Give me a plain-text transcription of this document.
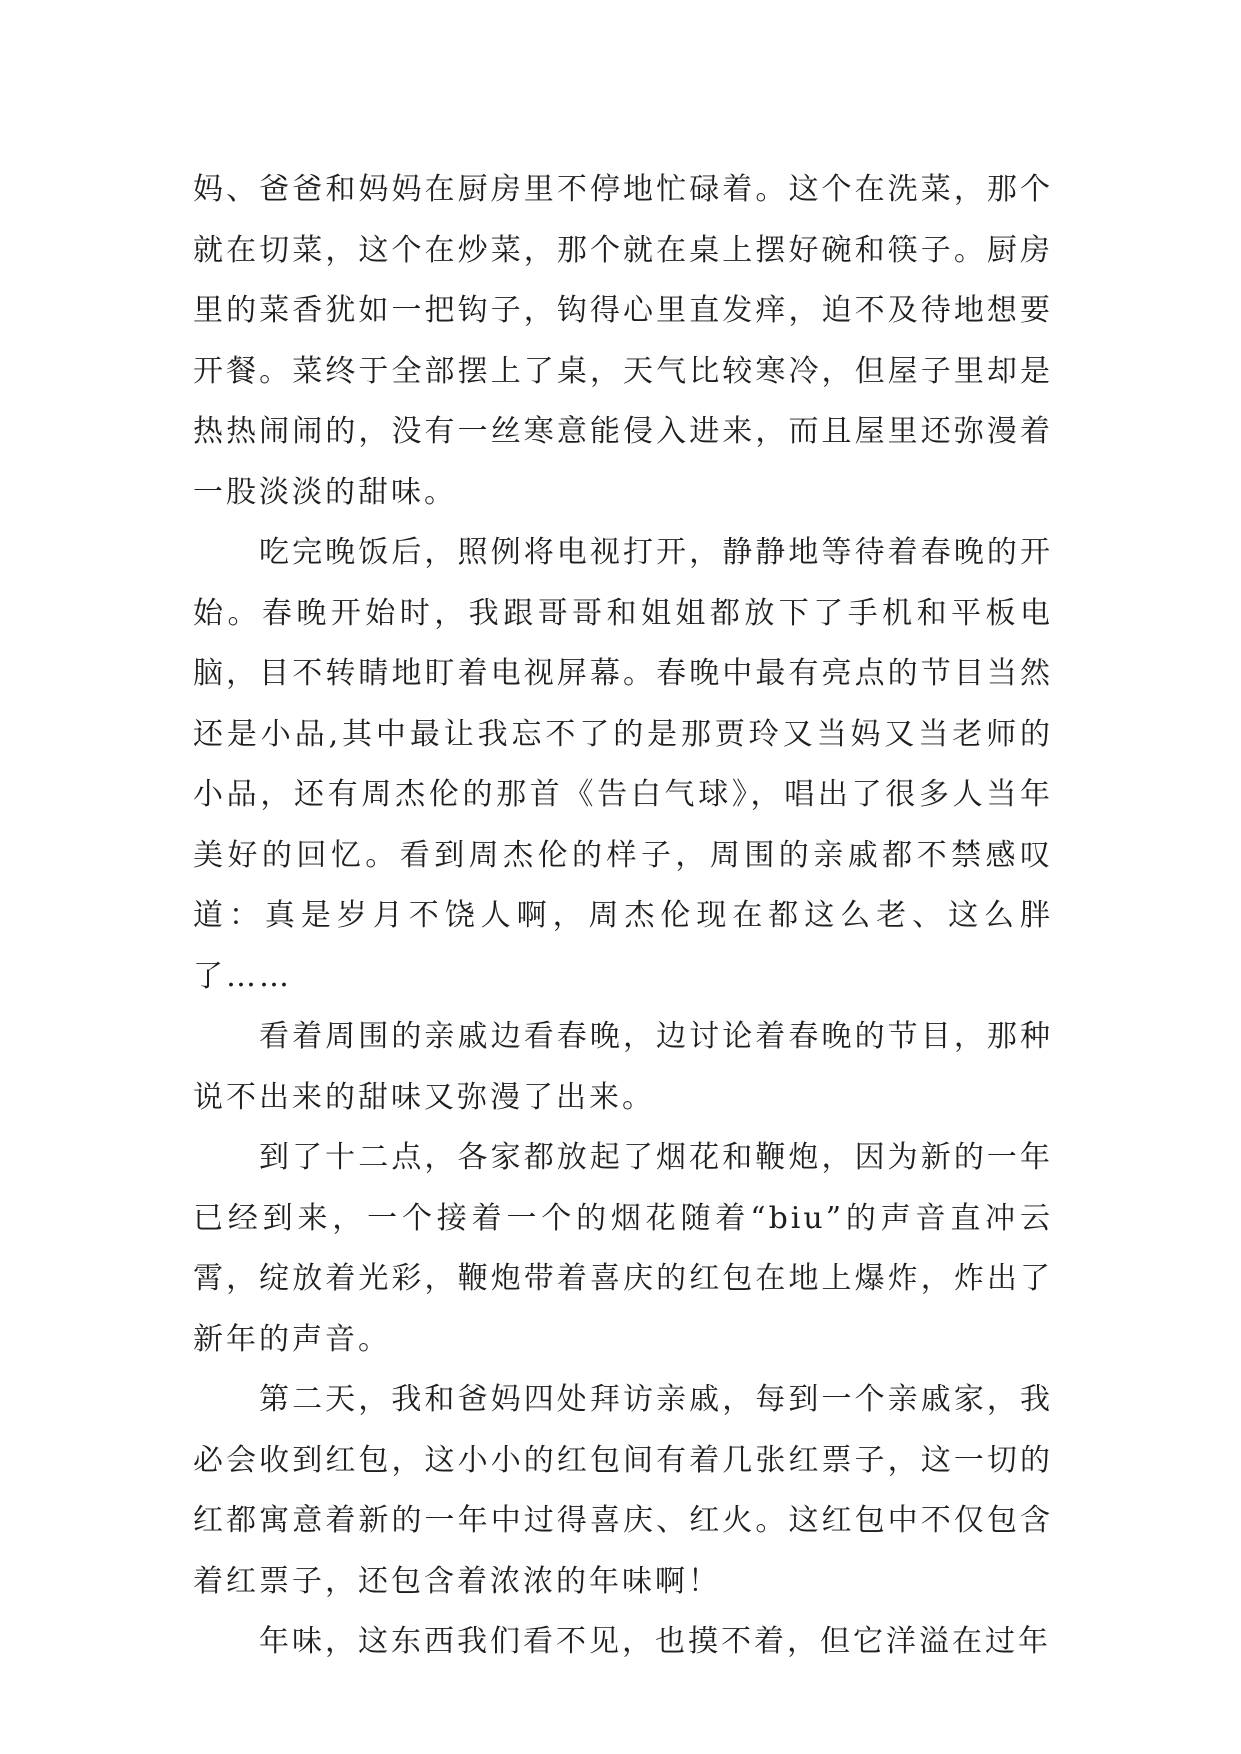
妈、爸爸和妈妈在厨房里不停地忙碌着。这个在洗菜，那个就在切菜，这个在炒菜，那个就在桌上摆好碗和筷子。厨房里的菜香犹如一把钩子，钩得心里直发痒，迫不及待地想要开餐。菜终于全部摆上了桌，天气比较寒冷，但屋子里却是热热闹闹的，没有一丝寒意能侵入进来，而且屋里还弥漫着一股淡淡的甜味。

吃完晚饭后，照例将电视打开，静静地等待着春晚的开始。春晚开始时，我跟哥哥和姐姐都放下了手机和平板电脑，目不转睛地盯着电视屏幕。春晚中最有亮点的节目当然还是小品,其中最让我忘不了的是那贾玲又当妈又当老师的小品，还有周杰伦的那首《告白气球》，唱出了很多人当年美好的回忆。看到周杰伦的样子，周围的亲戚都不禁感叹道：真是岁月不饶人啊，周杰伦现在都这么老、这么胖了……

看着周围的亲戚边看春晚，边讨论着春晚的节目，那种说不出来的甜味又弥漫了出来。

到了十二点，各家都放起了烟花和鞭炮，因为新的一年已经到来，一个接着一个的烟花随着“biu”的声音直冲云霄，绽放着光彩，鞭炮带着喜庆的红包在地上爆炸，炸出了新年的声音。

第二天，我和爸妈四处拜访亲戚，每到一个亲戚家，我必会收到红包，这小小的红包间有着几张红票子，这一切的红都寓意着新的一年中过得喜庆、红火。这红包中不仅包含着红票子，还包含着浓浓的年味啊！

年味，这东西我们看不见，也摸不着，但它洋溢在过年
